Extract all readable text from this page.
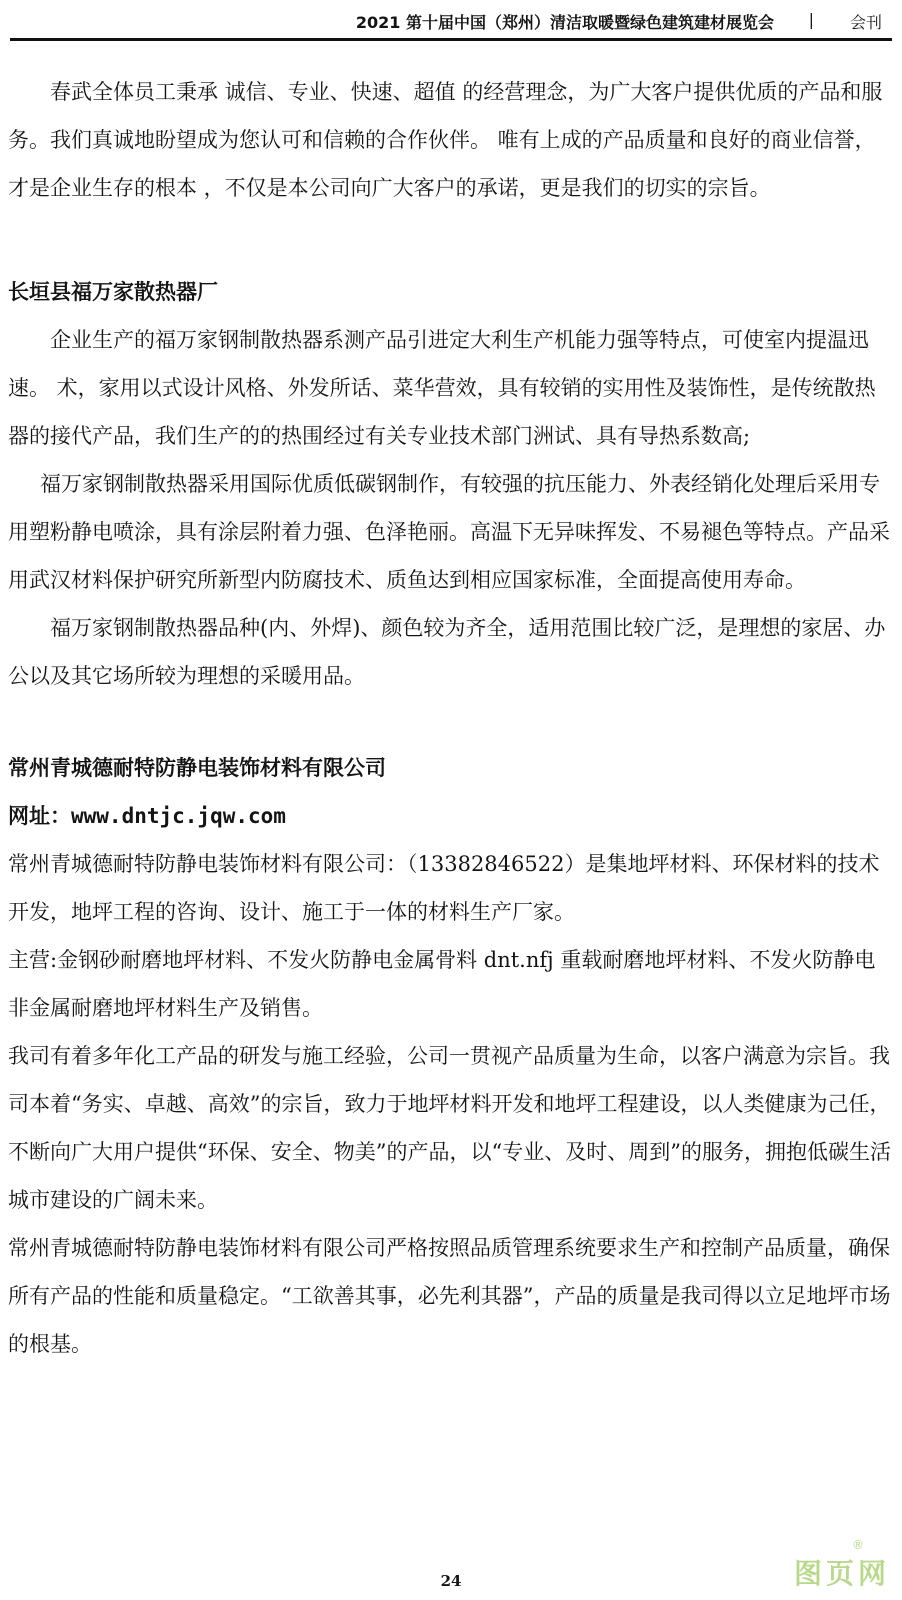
2021 第十届中国（郑州）清洁取暖暨绿色建筑建材展览会 | 会刊

春武全体员工秉承 诚信、专业、快速、超值 的经营理念，为广大客户提供优质的产品和服务。我们真诚地盼望成为您认可和信赖的合作伙伴。 唯有上成的产品质量和良好的商业信誉，才是企业生存的根本 ，不仅是本公司向广大客户的承诺，更是我们的切实的宗旨。

长垣县福万家散热器厂

企业生产的福万家钢制散热器系测产品引进定大利生产机能力强等特点，可使室内提温迅速。 术，家用以式设计风格、外发所话、菜华营效，具有较销的实用性及装饰性，是传统散热器的接代产品，我们生产的的热围经过有关专业技术部门洲试、具有导热系数高;

福万家钢制散热器采用国际优质低碳钢制作，有较强的抗压能力、外表经销化处理后采用专用塑粉静电喷涂，具有涂层附着力强、色泽艳丽。高温下无异味挥发、不易褪色等特点。产品采用武汉材料保护研究所新型内防腐技术、质鱼达到相应国家标准，全面提高使用寿命。

福万家钢制散热器品种(内、外焊)、颜色较为齐全，适用范围比较广泛，是理想的家居、办公以及其它场所较为理想的采暖用品。

常州青城德耐特防静电装饰材料有限公司

网址：www.dntjc.jqw.com

常州青城德耐特防静电装饰材料有限公司：（13382846522）是集地坪材料、环保材料的技术开发，地坪工程的咨询、设计、施工于一体的材料生产厂家。

主营:金钢砂耐磨地坪材料、不发火防静电金属骨料 dnt.nfj 重载耐磨地坪材料、不发火防静电非金属耐磨地坪材料生产及销售。

我司有着多年化工产品的研发与施工经验，公司一贯视产品质量为生命，以客户满意为宗旨。我司本着“务实、卓越、高效”的宗旨，致力于地坪材料开发和地坪工程建设，以人类健康为己任，不断向广大用户提供“环保、安全、物美”的产品，以“专业、及时、周到”的服务，拥抱低碳生活城市建设的广阔未来。

常州青城德耐特防静电装饰材料有限公司严格按照品质管理系统要求生产和控制产品质量，确保所有产品的性能和质量稳定。“工欲善其事，必先利其器”，产品的质量是我司得以立足地坪市场的根基。

24	图页网
®
